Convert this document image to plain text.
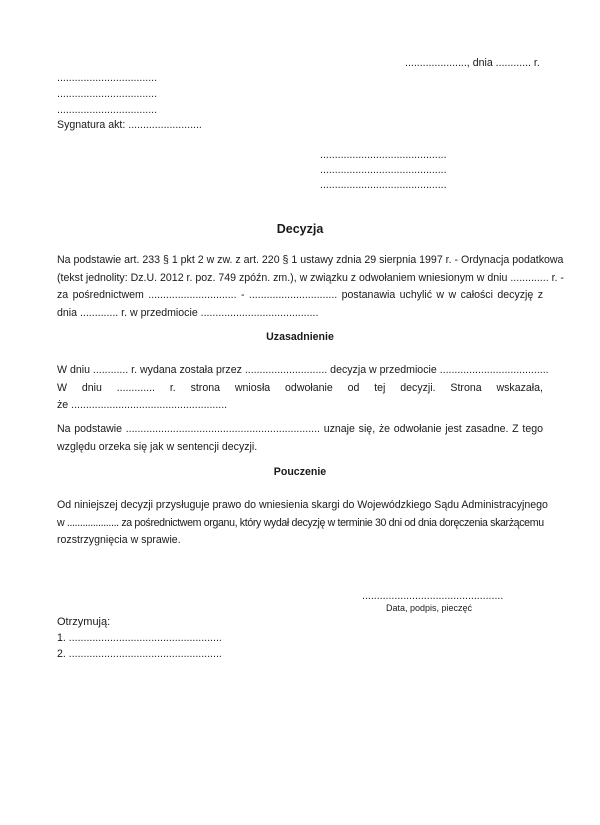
....................., dnia ............ r.
..................................
..................................
..................................
Sygnatura akt: .........................
...........................................
...........................................
...........................................
Decyzja
Na podstawie art. 233 § 1 pkt 2 w zw. z art. 220 § 1 ustawy zdnia 29 sierpnia 1997 r. - Ordynacja podatkowa
(tekst jednolity: Dz.U. 2012 r. poz. 749 zpóźn. zm.), w związku z odwołaniem wniesionym w dniu ............. r. -
za pośrednictwem .............................. - .............................. postanawia uchylić w w całości decyzję z
dnia ............. r. w przedmiocie ........................................
Uzasadnienie
W dniu ............ r. wydana została przez ............................ decyzja w przedmiocie .....................................
W dniu ............. r. strona wniosła odwołanie od tej decyzji. Strona wskazała,
że .....................................................
Na podstawie .................................................................. uznaje się, że odwołanie jest zasadne. Z tego
względu orzeka się jak w sentencji decyzji.
Pouczenie
Od niniejszej decyzji przysługuje prawo do wniesienia skargi do Wojewódzkiego Sądu Administracyjnego
w .................... za pośrednictwem organu, który wydał decyzję w terminie 30 dni od dnia doręczenia skarżącemu
rozstrzygnięcia w sprawie.
................................................
Data, podpis, pieczęć
Otrzymują:
1. ....................................................
2. ....................................................
